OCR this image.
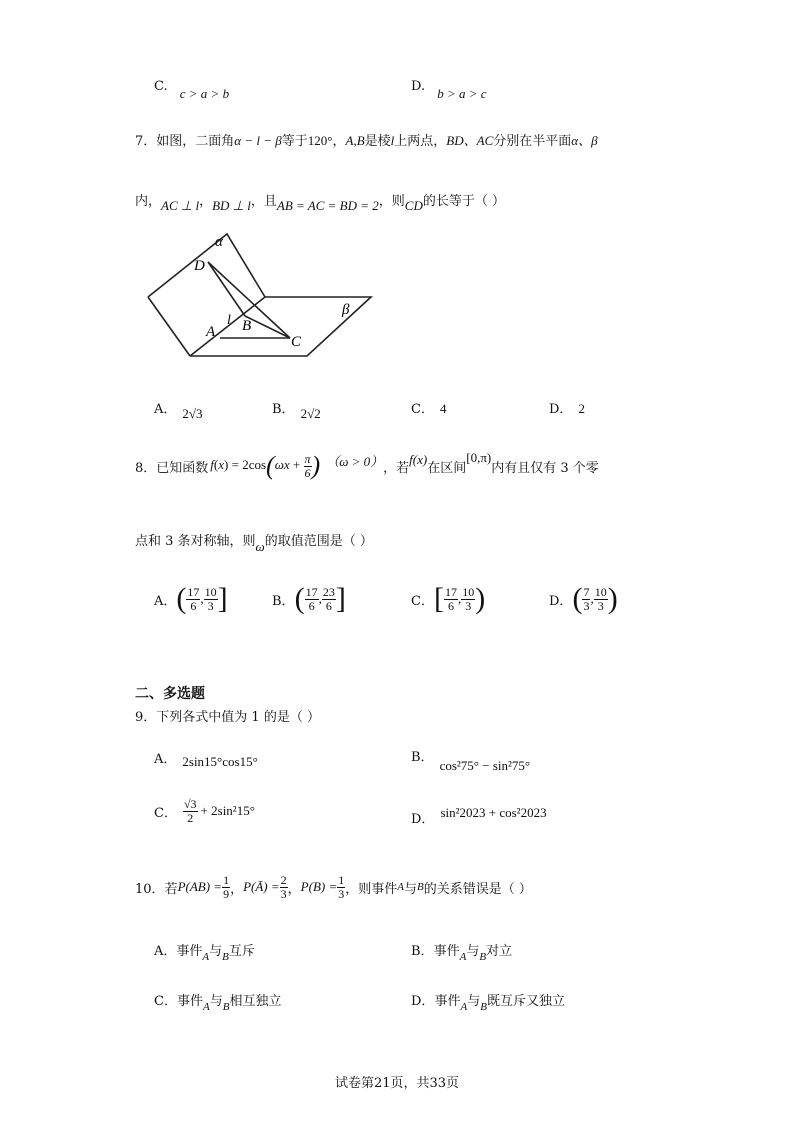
C. c > a > b	D. b > a > c
7．如图，二面角α − l − β等于120°，A,B是棱l上两点，BD、AC分别在半平面α、β
内，AC ⊥ l，BD ⊥ l，且AB = AC = BD = 2，则CD的长等于（ ）
α
β
D
A
l B
C
A． 2√3	B． 2√2	C． 4	D． 2
8． 已知函数 $f(x) = 2\cos(\omega x + \frac{\pi}{6}$ ) （ω > 0） ，若
f(x)
在区间
[0,π)
内有且仅有 3 个零
点和 3 条对称轴，则ω的取值范围是（ ）
A． ( $\frac{17}{6}$ , $\frac{10}{3}$ ]	B． ( $\frac{17}{6}$ , $\frac{23}{6}$ ]	C． [ $\frac{17}{6}$ , $\frac{10}{3}$ )	D． ( $\frac{7}{3}$ , $\frac{10}{3}$ )
二、多选题
9．下列各式中值为 1 的是（ ）
A． 2sin15°cos15°	B．cos²75° − sin²75°
C． $\frac{√3}{2} + 2\sin^215^\circ$
D． sin²2023 + cos²2023
10． 若 $P(AB) = \frac{1}{9}$ ， P(Ā) = $\frac{2}{3}$ ， $P(B) = \frac{1}{3}$ ，则事件 A 与 B 的关系错误是（ ）
A．事件$_A$与$_B$互斥	B．事件$_A$与$_B$对立
C．事件$_A$与$_B$相互独立	D．事件$_A$与$_B$既互斥又独立
试卷第21页，共33页
